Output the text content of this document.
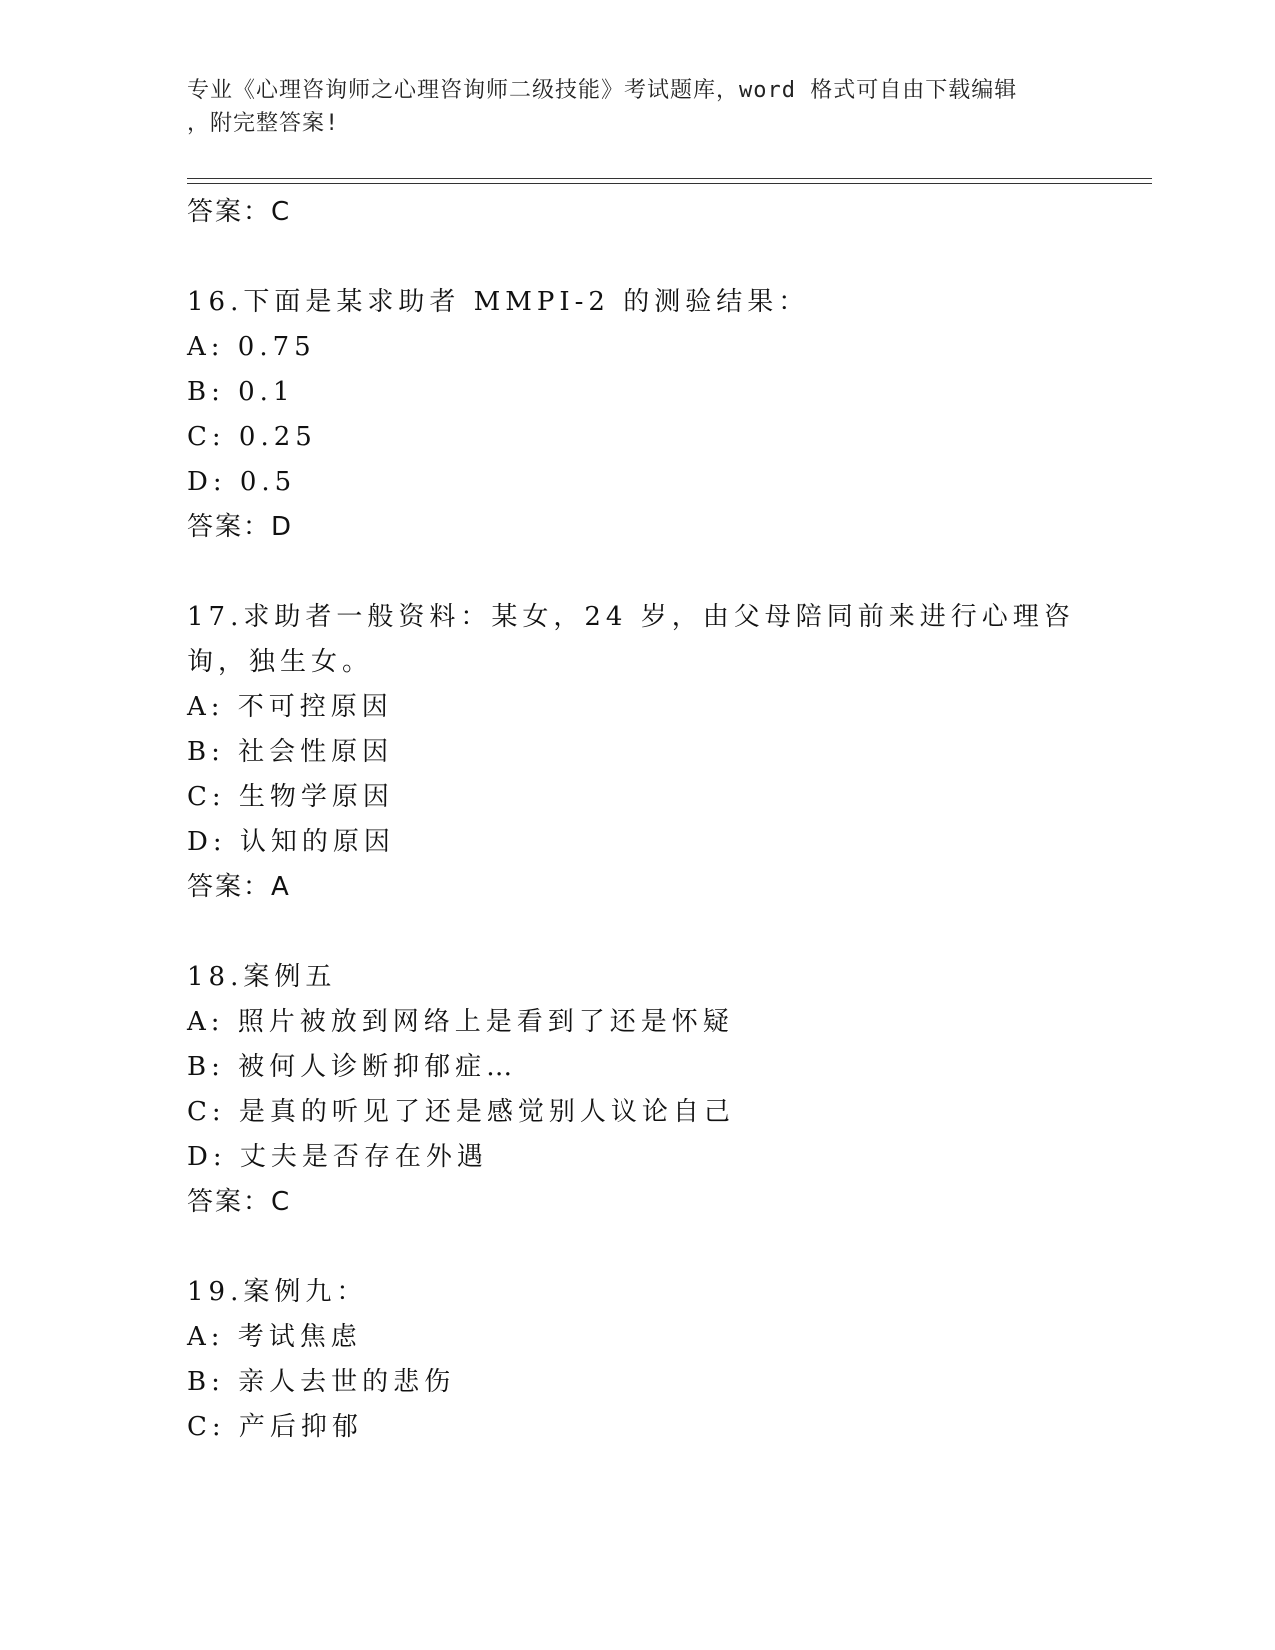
专业《心理咨询师之心理咨询师二级技能》考试题库，word 格式可自由下载编辑
，附完整答案!
答案：C
16.下面是某求助者 MMPI-2 的测验结果：
A: 0.75
B: 0.1
C: 0.25
D: 0.5
答案：D
17.求助者一般资料：某女，24 岁，由父母陪同前来进行心理咨询，独生女。
A: 不可控原因
B: 社会性原因
C: 生物学原因
D: 认知的原因
答案：A
18.案例五
A: 照片被放到网络上是看到了还是怀疑
B: 被何人诊断抑郁症…
C: 是真的听见了还是感觉别人议论自己
D: 丈夫是否存在外遇
答案：C
19.案例九：
A: 考试焦虑
B: 亲人去世的悲伤
C: 产后抑郁
